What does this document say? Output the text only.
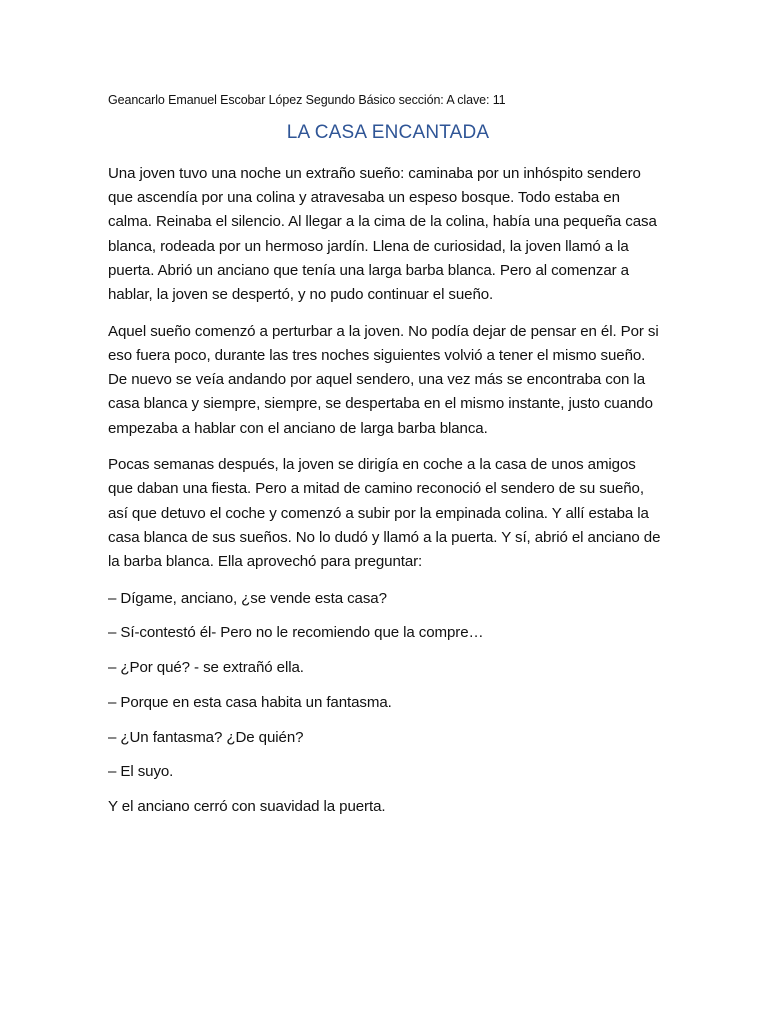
Geancarlo Emanuel Escobar López Segundo Básico sección: A clave: 11
LA CASA ENCANTADA

Una joven tuvo una noche un extraño sueño: caminaba por un inhóspito sendero que ascendía por una colina y atravesaba un espeso bosque. Todo estaba en calma. Reinaba el silencio. Al llegar a la cima de la colina, había una pequeña casa blanca, rodeada por un hermoso jardín. Llena de curiosidad, la joven llamó a la puerta. Abrió un anciano que tenía una larga barba blanca. Pero al comenzar a hablar, la joven se despertó, y no pudo continuar el sueño.

Aquel sueño comenzó a perturbar a la joven. No podía dejar de pensar en él. Por si eso fuera poco, durante las tres noches siguientes volvió a tener el mismo sueño. De nuevo se veía andando por aquel sendero, una vez más se encontraba con la casa blanca y siempre, siempre, se despertaba en el mismo instante, justo cuando empezaba a hablar con el anciano de larga barba blanca.

Pocas semanas después, la joven se dirigía en coche a la casa de unos amigos que daban una fiesta. Pero a mitad de camino reconoció el sendero de su sueño, así que detuvo el coche y comenzó a subir por la empinada colina. Y allí estaba la casa blanca de sus sueños. No lo dudó y llamó a la puerta. Y sí, abrió el anciano de la barba blanca. Ella aprovechó para preguntar:

– Dígame, anciano, ¿se vende esta casa?

– Sí-contestó él- Pero no le recomiendo que la compre…

– ¿Por qué? - se extrañó ella.

– Porque en esta casa habita un fantasma.

– ¿Un fantasma? ¿De quién?

– El suyo.

Y el anciano cerró con suavidad la puerta.
